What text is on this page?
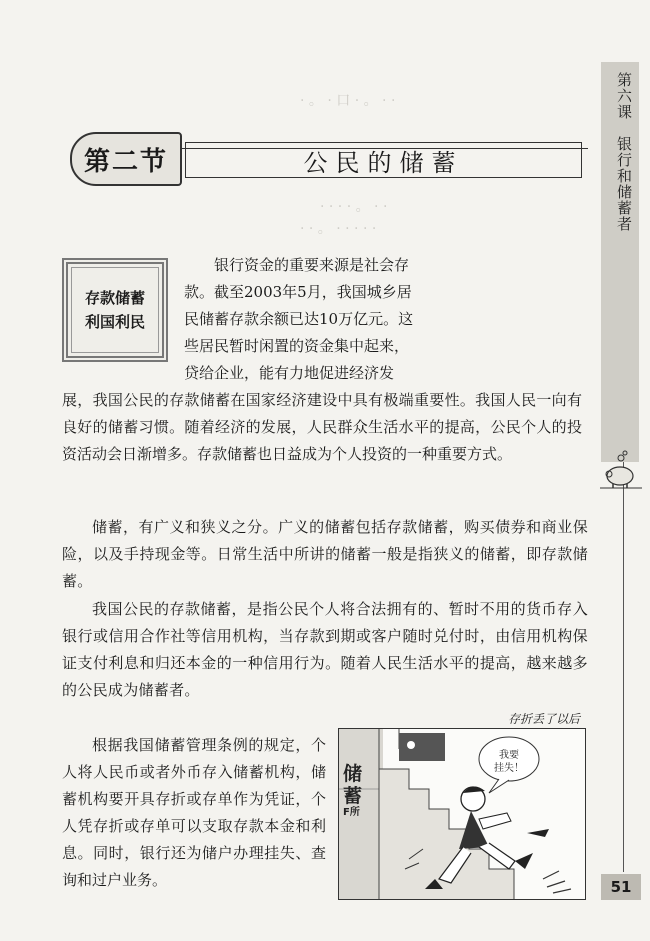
· 。 · 口 · 。 · ·
· · · · 。 · ·
· · 。 · · · · ·	第六课　银行和储蓄者
51
公民的储蓄
第二节
存款储蓄
利国利民
银行资金的重要来源是社会存
款。截至2003年5月，我国城乡居
民储蓄存款余额已达10万亿元。这
些居民暂时闲置的资金集中起来，
贷给企业，能有力地促进经济发
展，我国公民的存款储蓄在国家经济建设中具有极端重要性。我国人民一向有良好的储蓄习惯。随着经济的发展，人民群众生活水平的提高，公民个人的投资活动会日渐增多。存款储蓄也日益成为个人投资的一种重要方式。
储蓄，有广义和狭义之分。广义的储蓄包括存款储蓄，购买债券和商业保险，以及手持现金等。日常生活中所讲的储蓄一般是指狭义的储蓄，即存款储蓄。
我国公民的存款储蓄，是指公民个人将合法拥有的、暂时不用的货币存入银行或信用合作社等信用机构，当存款到期或客户随时兑付时，由信用机构保证支付利息和归还本金的一种信用行为。随着人民生活水平的提高，越来越多的公民成为储蓄者。
存折丢了以后
根据我国储蓄管理条例的规定，个人将人民币或者外币存入储蓄机构，储蓄机构要开具存折或存单作为凭证，个人凭存折或存单可以支取存款本金和利息。同时，银行还为储户办理挂失、查询和过户业务。
我要
挂失！
储
蓄
F所
